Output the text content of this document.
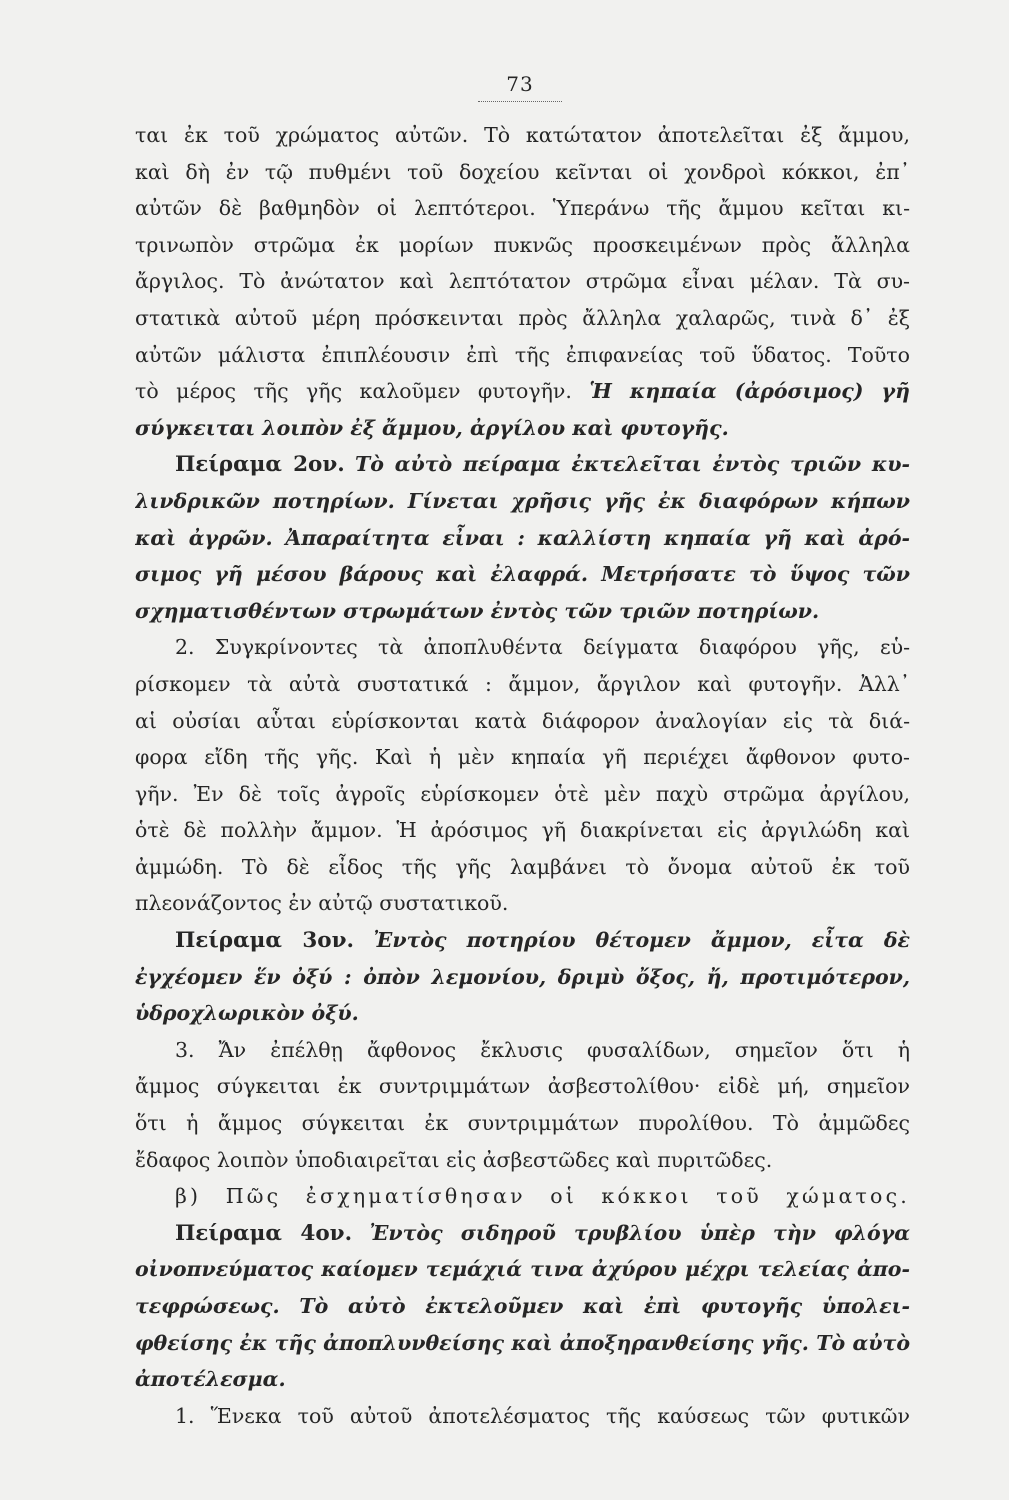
73
ται ἐκ τοῦ χρώματος αὐτῶν. Τὸ κατώτατον ἀποτελεῖται ἐξ ἄμμου,
καὶ δὴ ἐν τῷ πυθμένι τοῦ δοχείου κεῖνται οἱ χονδροὶ κόκκοι, ἐπ᾽
αὐτῶν δὲ βαθμηδὸν οἱ λεπτότεροι. Ὑπεράνω τῆς ἄμμου κεῖται κι-
τρινωπὸν στρῶμα ἐκ μορίων πυκνῶς προσκειμένων πρὸς ἄλληλα
ἄργιλος. Τὸ ἀνώτατον καὶ λεπτότατον στρῶμα εἶναι μέλαν. Τὰ συ-
στατικὰ αὐτοῦ μέρη πρόσκεινται πρὸς ἄλληλα χαλαρῶς, τινὰ δ᾽ ἐξ
αὐτῶν μάλιστα ἐπιπλέουσιν ἐπὶ τῆς ἐπιφανείας τοῦ ὕδατος. Τοῦτο
τὸ μέρος τῆς γῆς καλοῦμεν φυτογῆν. Ἡ κηπαία (ἀρόσιμος) γῆ
σύγκειται λοιπὸν ἐξ ἄμμου, ἀργίλου καὶ φυτογῆς.
Πείραμα 2ον. Τὸ αὐτὸ πείραμα ἐκτελεῖται ἐντὸς τριῶν κυ-
λινδρικῶν ποτηρίων. Γίνεται χρῆσις γῆς ἐκ διαφόρων κήπων
καὶ ἀγρῶν. Ἀπαραίτητα εἶναι : καλλίστη κηπαία γῆ καὶ ἀρό-
σιμος γῆ μέσου βάρους καὶ ἐλαφρά. Μετρήσατε τὸ ὕψος τῶν
σχηματισθέντων στρωμάτων ἐντὸς τῶν τριῶν ποτηρίων.
2. Συγκρίνοντες τὰ ἀποπλυθέντα δείγματα διαφόρου γῆς, εὑ-
ρίσκομεν τὰ αὐτὰ συστατικά : ἄμμον, ἄργιλον καὶ φυτογῆν. Ἀλλ᾽
αἱ οὐσίαι αὗται εὑρίσκονται κατὰ διάφορον ἀναλογίαν εἰς τὰ διά-
φορα εἴδη τῆς γῆς. Καὶ ἡ μὲν κηπαία γῆ περιέχει ἄφθονον φυτο-
γῆν. Ἐν δὲ τοῖς ἀγροῖς εὑρίσκομεν ὁτὲ μὲν παχὺ στρῶμα ἀργίλου,
ὁτὲ δὲ πολλὴν ἄμμον. Ἡ ἀρόσιμος γῆ διακρίνεται εἰς ἀργιλώδη καὶ
ἀμμώδη. Τὸ δὲ εἶδος τῆς γῆς λαμβάνει τὸ ὄνομα αὐτοῦ ἐκ τοῦ
πλεονάζοντος ἐν αὐτῷ συστατικοῦ.
Πείραμα 3ον. Ἐντὸς ποτηρίου θέτομεν ἄμμον, εἶτα δὲ
ἐγχέομεν ἕν ὀξύ : ὀπὸν λεμονίου, δριμὺ ὄξος, ἤ, προτιμότερον,
ὑδροχλωρικὸν ὀξύ.
3. Ἄν ἐπέλθῃ ἄφθονος ἔκλυσις φυσαλίδων, σημεῖον ὅτι ἡ
ἄμμος σύγκειται ἐκ συντριμμάτων ἀσβεστολίθου· εἰδὲ μή, σημεῖον
ὅτι ἡ ἄμμος σύγκειται ἐκ συντριμμάτων πυρολίθου. Τὸ ἀμμῶδες
ἔδαφος λοιπὸν ὑποδιαιρεῖται εἰς ἀσβεστῶδες καὶ πυριτῶδες.
β) Πῶς ἐσχηματίσθησαν οἱ κόκκοι τοῦ χώματος.
Πείραμα 4ον. Ἐντὸς σιδηροῦ τρυβλίου ὑπὲρ τὴν φλόγα
οἰνοπνεύματος καίομεν τεμάχιά τινα ἀχύρου μέχρι τελείας ἀπο-
τεφρώσεως. Τὸ αὐτὸ ἐκτελοῦμεν καὶ ἐπὶ φυτογῆς ὑπολει-
φθείσης ἐκ τῆς ἀποπλυνθείσης καὶ ἀποξηρανθείσης γῆς. Τὸ αὐτὸ
ἀποτέλεσμα.
1. Ἕνεκα τοῦ αὐτοῦ ἀποτελέσματος τῆς καύσεως τῶν φυτικῶν
